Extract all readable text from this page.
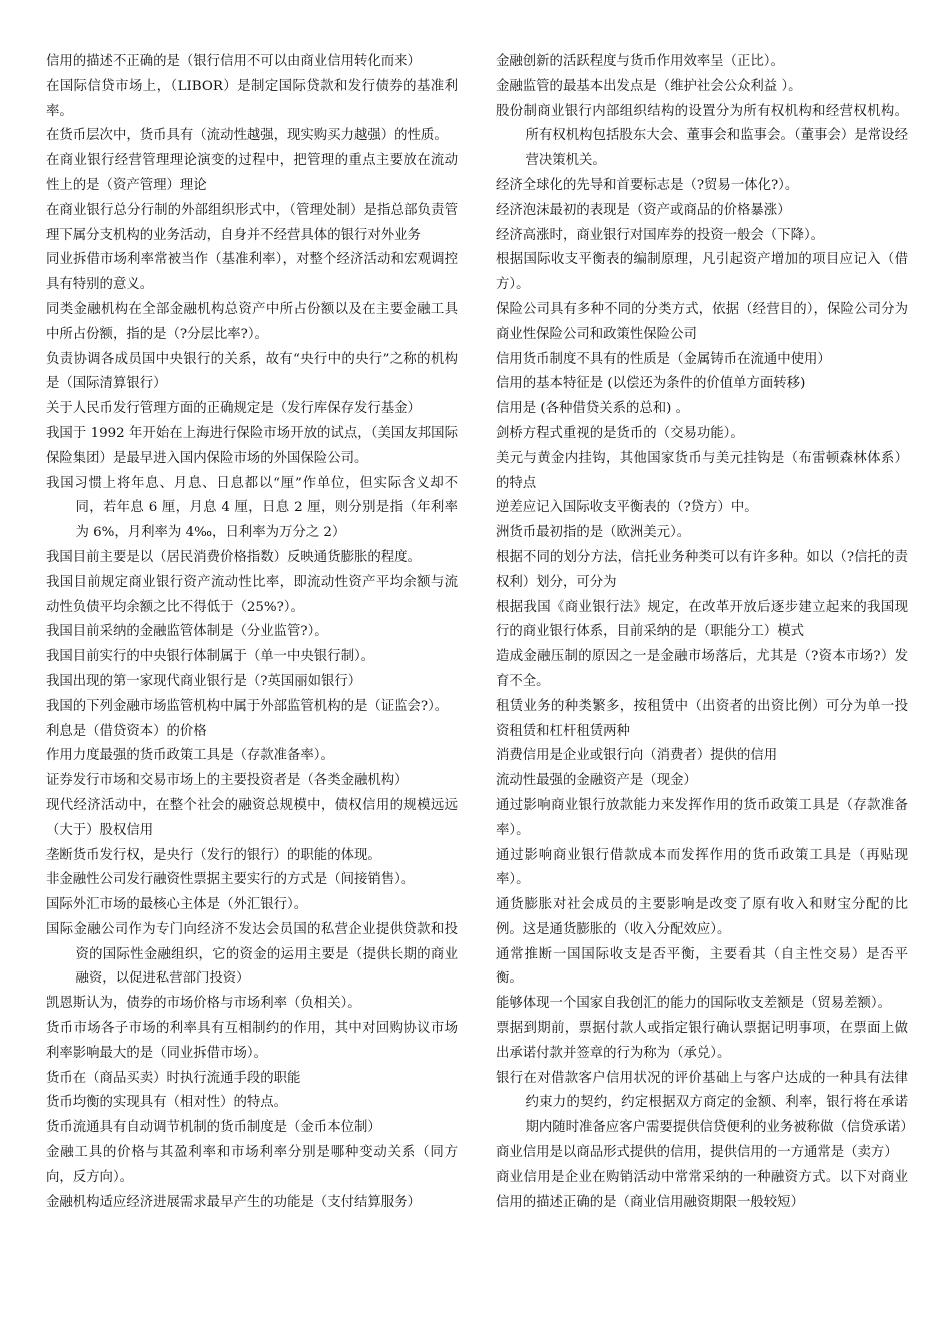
信用的描述不正确的是（银行信用不可以由商业信用转化而来）

在国际信贷市场上，（LIBOR）是制定国际贷款和发行债券的基准利率。

在货币层次中，货币具有（流动性越强，现实购买力越强）的性质。

在商业银行经营管理理论演变的过程中，把管理的重点主要放在流动性上的是（资产管理）理论

在商业银行总分行制的外部组织形式中，（管理处制）是指总部负责管理下属分支机构的业务活动，自身并不经营具体的银行对外业务

同业拆借市场利率常被当作（基准利率），对整个经济活动和宏观调控具有特别的意义。

同类金融机构在全部金融机构总资产中所占份额以及在主要金融工具中所占份额，指的是（?分层比率?）。

负责协调各成员国中央银行的关系，故有“央行中的央行”之称的机构是（国际清算银行）

关于人民币发行管理方面的正确规定是（发行库保存发行基金）

我国于 1992 年开始在上海进行保险市场开放的试点，（美国友邦国际保险集团）是最早进入国内保险市场的外国保险公司。

我国习惯上将年息、月息、日息都以“厘”作单位，但实际含义却不同，若年息 6 厘，月息 4 厘，日息 2 厘，则分别是指（年利率为 6%，月利率为 4‰，日利率为万分之 2）

我国目前主要是以（居民消费价格指数）反映通货膨胀的程度。

我国目前规定商业银行资产流动性比率，即流动性资产平均余额与流动性负债平均余额之比不得低于（25%?）。

我国目前采纳的金融监管体制是（分业监管?）。

我国目前实行的中央银行体制属于（单一中央银行制）。

我国出现的第一家现代商业银行是（?英国丽如银行）

我国的下列金融市场监管机构中属于外部监管机构的是（证监会?）。

利息是（借贷资本）的价格

作用力度最强的货币政策工具是（存款准备率）。

证券发行市场和交易市场上的主要投资者是（各类金融机构）

现代经济活动中，在整个社会的融资总规模中，债权信用的规模远远（大于）股权信用

垄断货币发行权，是央行（发行的银行）的职能的体现。

非金融性公司发行融资性票据主要实行的方式是（间接销售）。

国际外汇市场的最核心主体是（外汇银行）。

国际金融公司作为专门向经济不发达会员国的私营企业提供贷款和投资的国际性金融组织，它的资金的运用主要是（提供长期的商业融资，以促进私营部门投资）

凯恩斯认为，债券的市场价格与市场利率（负相关）。

货币市场各子市场的利率具有互相制约的作用，其中对回购协议市场利率影响最大的是（同业拆借市场）。

货币在（商品买卖）时执行流通手段的职能

货币均衡的实现具有（相对性）的特点。

货币流通具有自动调节机制的货币制度是（金币本位制）

金融工具的价格与其盈利率和市场利率分别是哪种变动关系（同方向，反方向）。

金融机构适应经济进展需求最早产生的功能是（支付结算服务）

金融创新的活跃程度与货币作用效率呈（正比）。

金融监管的最基本出发点是（维护社会公众利益 ）。

股份制商业银行内部组织结构的设置分为所有权机构和经营权机构。所有权机构包括股东大会、董事会和监事会。（董事会）是常设经营决策机关。

经济全球化的先导和首要标志是（?贸易一体化?）。

经济泡沫最初的表现是（资产或商品的价格暴涨）

经济高涨时，商业银行对国库券的投资一般会（下降）。

根据国际收支平衡表的编制原理，凡引起资产增加的项目应记入（借方）。

保险公司具有多种不同的分类方式，依据（经营目的），保险公司分为商业性保险公司和政策性保险公司

信用货币制度不具有的性质是（金属铸币在流通中使用）

信用的基本特征是 (以偿还为条件的价值单方面转移)

信用是 (各种借贷关系的总和) 。

剑桥方程式重视的是货币的（交易功能）。

美元与黄金内挂钩，其他国家货币与美元挂钩是（布雷顿森林体系）的特点

逆差应记入国际收支平衡表的（?贷方）中。

洲货币最初指的是（欧洲美元）。

根据不同的划分方法，信托业务种类可以有许多种。如以（?信托的责权利）划分，可分为

根据我国《商业银行法》规定，在改革开放后逐步建立起来的我国现行的商业银行体系，目前采纳的是（职能分工）模式

造成金融压制的原因之一是金融市场落后，尤其是（?资本市场?）发育不全。

租赁业务的种类繁多，按租赁中（出资者的出资比例）可分为单一投资租赁和杠杆租赁两种

消费信用是企业或银行向（消费者）提供的信用

流动性最强的金融资产是（现金）

通过影响商业银行放款能力来发挥作用的货币政策工具是（存款准备率）。

通过影响商业银行借款成本而发挥作用的货币政策工具是（再贴现率）。

通货膨胀对社会成员的主要影响是改变了原有收入和财宝分配的比例。这是通货膨胀的（收入分配效应）。

通常推断一国国际收支是否平衡，主要看其（自主性交易）是否平衡。

能够体现一个国家自我创汇的能力的国际收支差额是（贸易差额）。

票据到期前，票据付款人或指定银行确认票据记明事项，在票面上做出承诺付款并签章的行为称为（承兑）。

银行在对借款客户信用状况的评价基础上与客户达成的一种具有法律约束力的契约，约定根据双方商定的金额、利率，银行将在承诺期内随时准备应客户需要提供信贷便利的业务被称做（信贷承诺）

商业信用是以商品形式提供的信用，提供信用的一方通常是（卖方）

商业信用是企业在购销活动中常常采纳的一种融资方式。以下对商业信用的描述正确的是（商业信用融资期限一般较短）
